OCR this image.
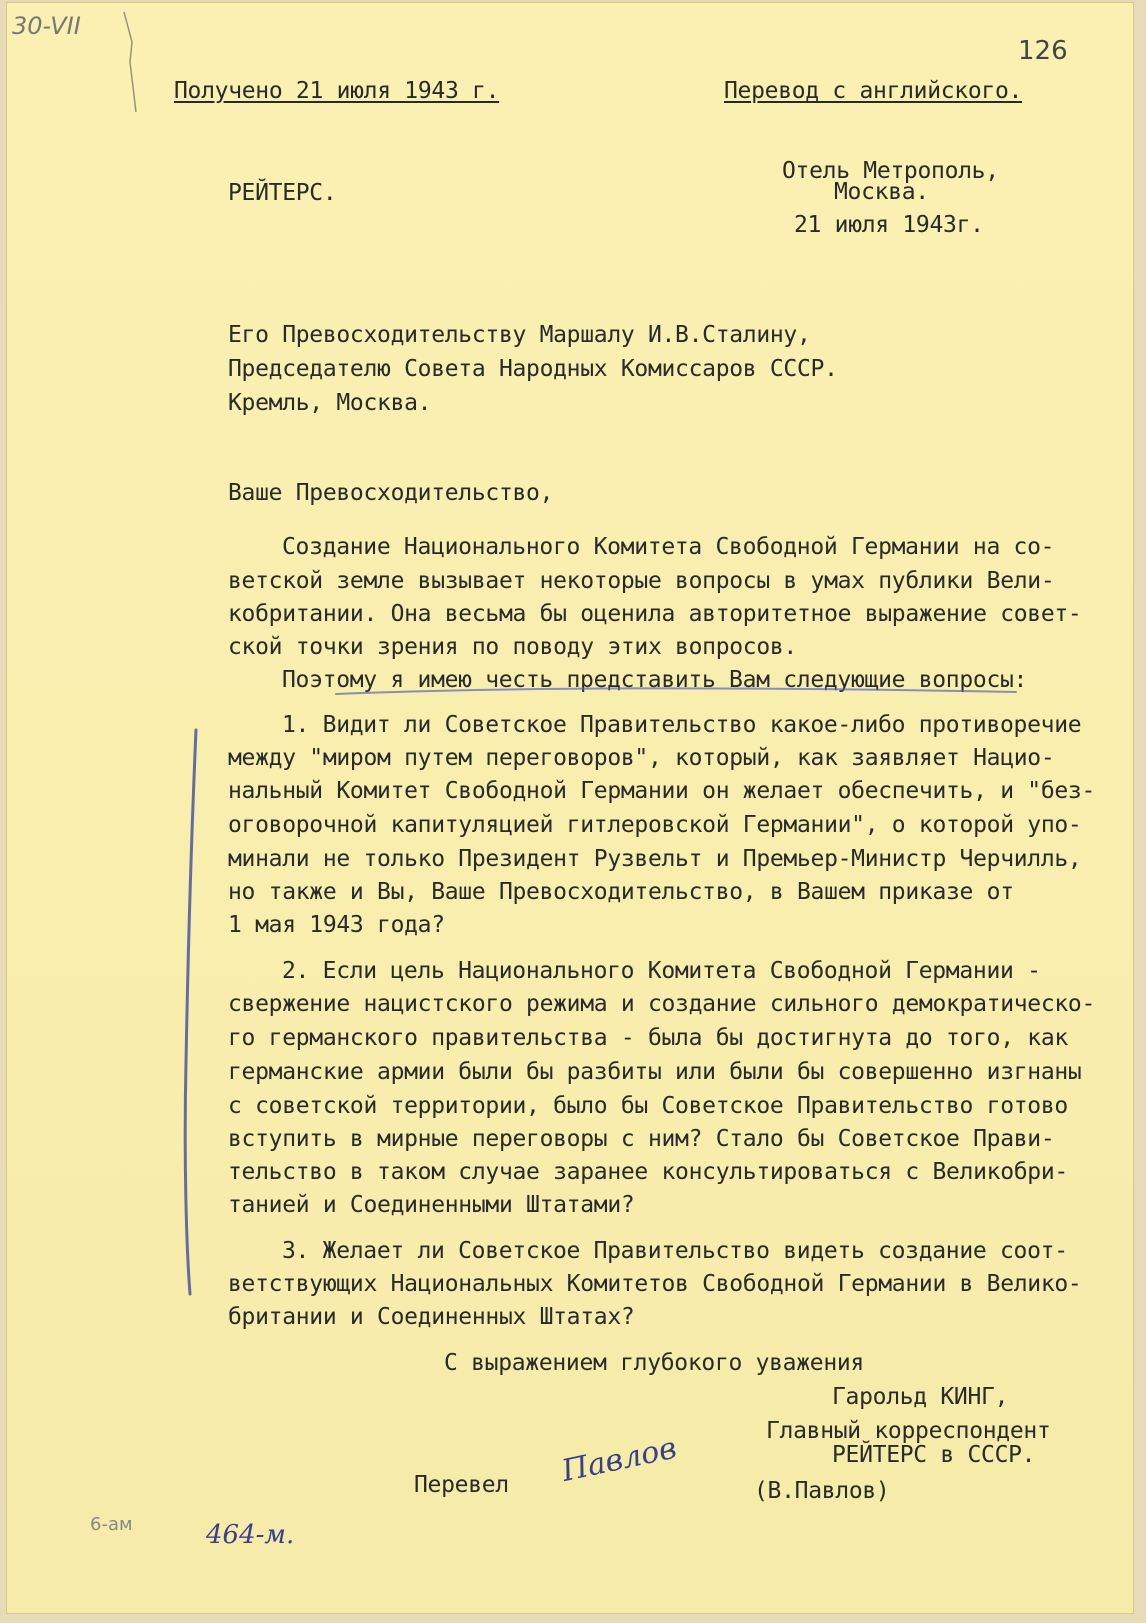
30-VII
126
Получено 21 июля 1943 г.	Перевод с английского.
РЕЙТЕРС.
Отель Метрополь,
Москва.
21 июля 1943г.
Его Превосходительству Маршалу И.В.Сталину,
Председателю Совета Народных Комиссаров СССР.
Кремль, Москва.
Ваше Превосходительство,
Создание Национального Комитета Свободной Германии на со-
ветской земле вызывает некоторые вопросы в умах публики Вели-
кобритании. Она весьма бы оценила авторитетное выражение совет-
ской точки зрения по поводу этих вопросов.
Поэтому я имею честь представить Вам следующие вопросы:
1. Видит ли Советское Правительство какое-либо противоречие
между "миром путем переговоров", который, как заявляет Нацио-
нальный Комитет Свободной Германии он желает обеспечить, и "без-
оговорочной капитуляцией гитлеровской Германии", о которой упо-
минали не только Президент Рузвельт и Премьер-Министр Черчилль,
но также и Вы, Ваше Превосходительство, в Вашем приказе от
1 мая 1943 года?
2. Если цель Национального Комитета Свободной Германии -
свержение нацистского режима и создание сильного демократическо-
го германского правительства - была бы достигнута до того, как
германские армии были бы разбиты или были бы совершенно изгнаны
с советской территории, было бы Советское Правительство готово
вступить в мирные переговоры с ним? Стало бы Советское Прави-
тельство в таком случае заранее консультироваться с Великобри-
танией и Соединенными Штатами?
3. Желает ли Советское Правительство видеть создание соот-
ветствующих Национальных Комитетов Свободной Германии в Велико-
британии и Соединенных Штатах?
С выражением глубокого уважения
Гарольд КИНГ,
Главный корреспондент
РЕЙТЕРС в СССР.
Перевел Павлов
(В.Павлов)
6-ам	464-м.
